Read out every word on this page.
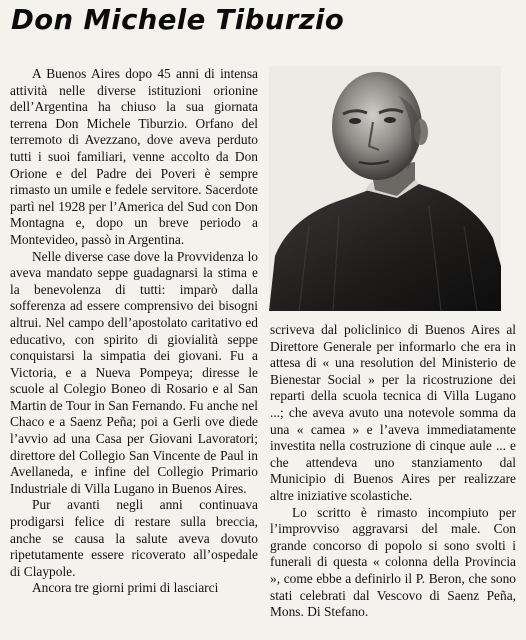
Don Michele Tiburzio

A Buenos Aires dopo 45 anni di intensa attività nelle diverse istituzioni orionine dell’Argentina ha chiuso la sua giornata terrena Don Michele Tiburzio. Orfano del terremoto di Avezzano, dove aveva perduto tutti i suoi familiari, venne accolto da Don Orione e del Padre dei Poveri è sempre rimasto un umile e fedele servitore. Sacerdote partì nel 1928 per l’America del Sud con Don Montagna e, dopo un breve periodo a Montevideo, passò in Argentina.

Nelle diverse case dove la Provvidenza lo aveva mandato seppe guadagnarsi la stima e la benevolenza di tutti: imparò dalla sofferenza ad essere comprensivo dei bisogni altrui. Nel campo dell’apostolato caritativo ed educativo, con spirito di giovialità seppe conquistarsi la simpatia dei giovani. Fu a Victoria, e a Nueva Pompeya; diresse le scuole al Colegio Boneo di Rosario e al San Martin de Tour in San Fernando. Fu anche nel Chaco e a Saenz Peña; poi a Gerli ove diede l’avvio ad una Casa per Giovani Lavoratori; direttore del Collegio San Vincente de Paul in Avellaneda, e infine del Collegio Primario Industriale di Villa Lugano in Buenos Aires.

Pur avanti negli anni continuava prodigarsi felice di restare sulla breccia, anche se causa la salute aveva dovuto ripetutamente essere ricoverato all’ospedale di Claypole.

Ancora tre giorni primi di lasciarci

scriveva dal policlinico di Buenos Aires al Direttore Generale per informarlo che era in attesa di « una resolution del Ministerio de Bienestar Social » per la ricostruzione dei reparti della scuola tecnica di Villa Lugano ...; che aveva avuto una notevole somma da una « camea » e l’aveva immediatamente investita nella costruzione di cinque aule ... e che attendeva uno stanziamento dal Municipio di Buenos Aires per realizzare altre iniziative scolastiche.

Lo scritto è rimasto incompiuto per l’improvviso aggravarsi del male. Con grande concorso di popolo si sono svolti i funerali di questa « colonna della Provincia », come ebbe a definirlo il P. Beron, che sono stati celebrati dal Vescovo di Saenz Peña, Mons. Di Stefano.
